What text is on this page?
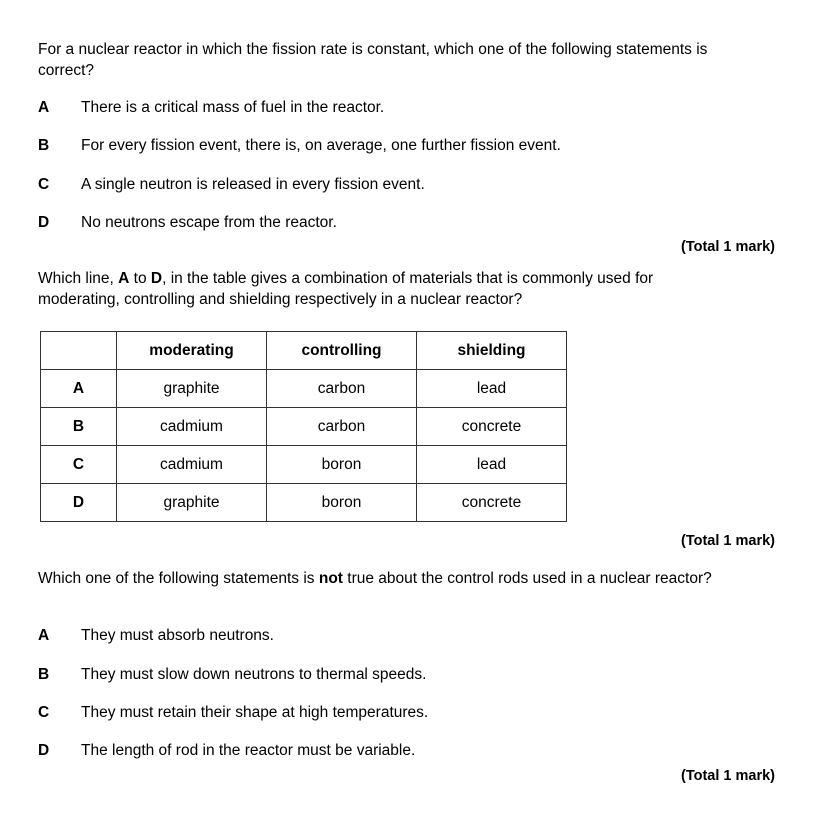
For a nuclear reactor in which the fission rate is constant, which one of the following statements is correct?
A	There is a critical mass of fuel in the reactor.
B	For every fission event, there is, on average, one further fission event.
C	A single neutron is released in every fission event.
D	No neutrons escape from the reactor.
(Total 1 mark)
Which line, A to D, in the table gives a combination of materials that is commonly used for moderating, controlling and shielding respectively in a nuclear reactor?
	moderating	controlling	shielding
A	graphite	carbon	lead
B	cadmium	carbon	concrete
C	cadmium	boron	lead
D	graphite	boron	concrete
(Total 1 mark)
Which one of the following statements is not true about the control rods used in a nuclear reactor?
A	They must absorb neutrons.
B	They must slow down neutrons to thermal speeds.
C	They must retain their shape at high temperatures.
D	The length of rod in the reactor must be variable.
(Total 1 mark)
